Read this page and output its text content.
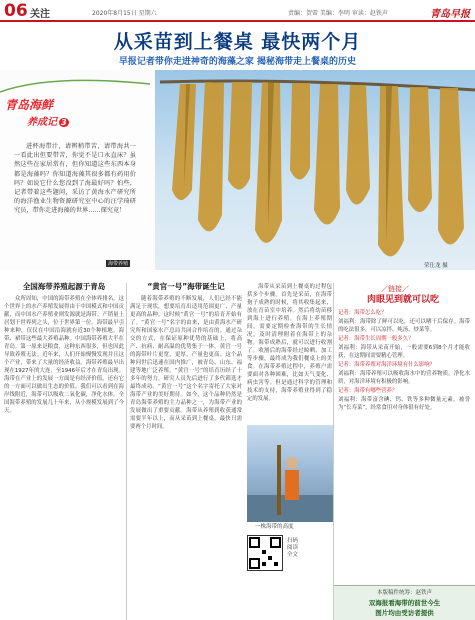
06 关注	2020年8月15日 星期六	责编：贺雷 美编：李明 审读：赵铁声	青岛早报
从采苗到上餐桌 最快两个月
早报记者带你走进神奇的海藻之家 揭秘海带走上餐桌的历史
青岛海鲜
养成记 3
进杯海带汁，请辨稍带苦，请带海共一一看此出但要带苦，你觉不是口永直床？虽然这些在家居常有，但你知道这些东西本身都是海藻吗？你知道海藻其很多都有药用价吗？如说它什么您没到了海最好吗？怕些，记者带着这些题问，采访了黄海水产研究所的海洋渔业生物资源研究室中心的汪学琦研究员，带你走进海藻的世界……探究竟！
海带养殖	荣仕龙 摄
全国海带养殖起源于青岛
众所周知，中国的海带养殖在全体界排名。这个世界上的水产养殖发展得由于中国模式和中国贡献，而中国水产养殖业则发源就是海带。产销量上居划于世界列之头，位于世界第一位。海带最早引种来种，仅仅在中国沿海就有近30个种植地。海带、裙带这些最大养殖品种。中国海带养殖大半在青岛。第一原来是粮食，这种东西很多，但也因此导致养殖无法。近年来，人们开始慢慢发现并且这个产业，带来了大量的经济收益。海带养殖最早出现在1927年的大连，至1946年后才在青岛出现。海带在产业上的发展一方面是有经济价值，还有它的一方面可以做出生态的价值。我们可以看到在海岸线附近，海带可以吸收二氧化碳，净化水体。全国海带养殖的发展几十年来，从小规模发展到了今天。
“黄官一号”海带诞生记
随着海带养殖的不断发展，人们已经不能满足于现状，想要培育出适用范围更广、产量更高的品种。这时候“黄官一号”的培育开始有了。“黄官一号”名字的由来，是由黄海水产研究所和国家水产总局共同合作培育的。通过杂交的方式，在保证原种优势的基础上，将高产、抗病、耐高温的优势集于一体。黄官一号的海带叶片更宽，更厚，产量也更高。这个品种问世后迅速在国内推广，被青岛、山东、福建等地广泛养殖。“黄官一号”的培育历经了十多年的努力，研究人员先后进行了多代筛选才最终成功。“黄官一号”这个名字寄托了大家对海带产业的美好期待。如今，这个品种仍然是青岛海带养殖的主力品种之一，为海带产业的发展做出了重要贡献。海带从养殖到收获通常需要半年以上，而从采苗到上餐桌，最快只需要两个月时间。
海带从采苗到上餐桌的过程包括多个步骤。首先是采苗，在海带孢子成熟的时候，将其收集起来，放在育苗室中培养。然后将幼苗移到海上进行养殖。在海上养殖期间，需要定期检查海带的生长情况，及时清理附着在海带上的杂物。海带成熟后，就可以进行收割了。收割后的海带经过晾晒、加工等步骤，最终成为我们餐桌上的美食。在海带养殖过程中，养殖户需要面对各种困难，比如天气变化、病虫害等。但是通过科学的管理和技术的支持，海带养殖业得到了稳定的发展。
一株海带的高度
扫码阅读全文
／链接／
肉眼见到就可以吃

记者：海带怎么吃？

刘福利：海带除了鲜可以吃，还可以晒干后保存。海带的吃法很多，可以凉拌、炖汤、炒菜等。

记者：海带生长周期一般多久？

刘福利：海带从采苗开始，一般需要6到8个月才能收获，在这期间需要精心管理。

记者：海带养殖对海洋环境有什么影响？

刘福利：海带养殖可以吸收海水中的营养物质，净化水质，对海洋环境有积极的影响。

记者：海带有哪些营养？

刘福利：海带富含碘、钙、铁等多种微量元素，被誉为“长寿菜”，经常食用对身体很有好处。

本版稿件统筹：赵铁声
双海报看海带的前世今生
图片均由受访者提供
